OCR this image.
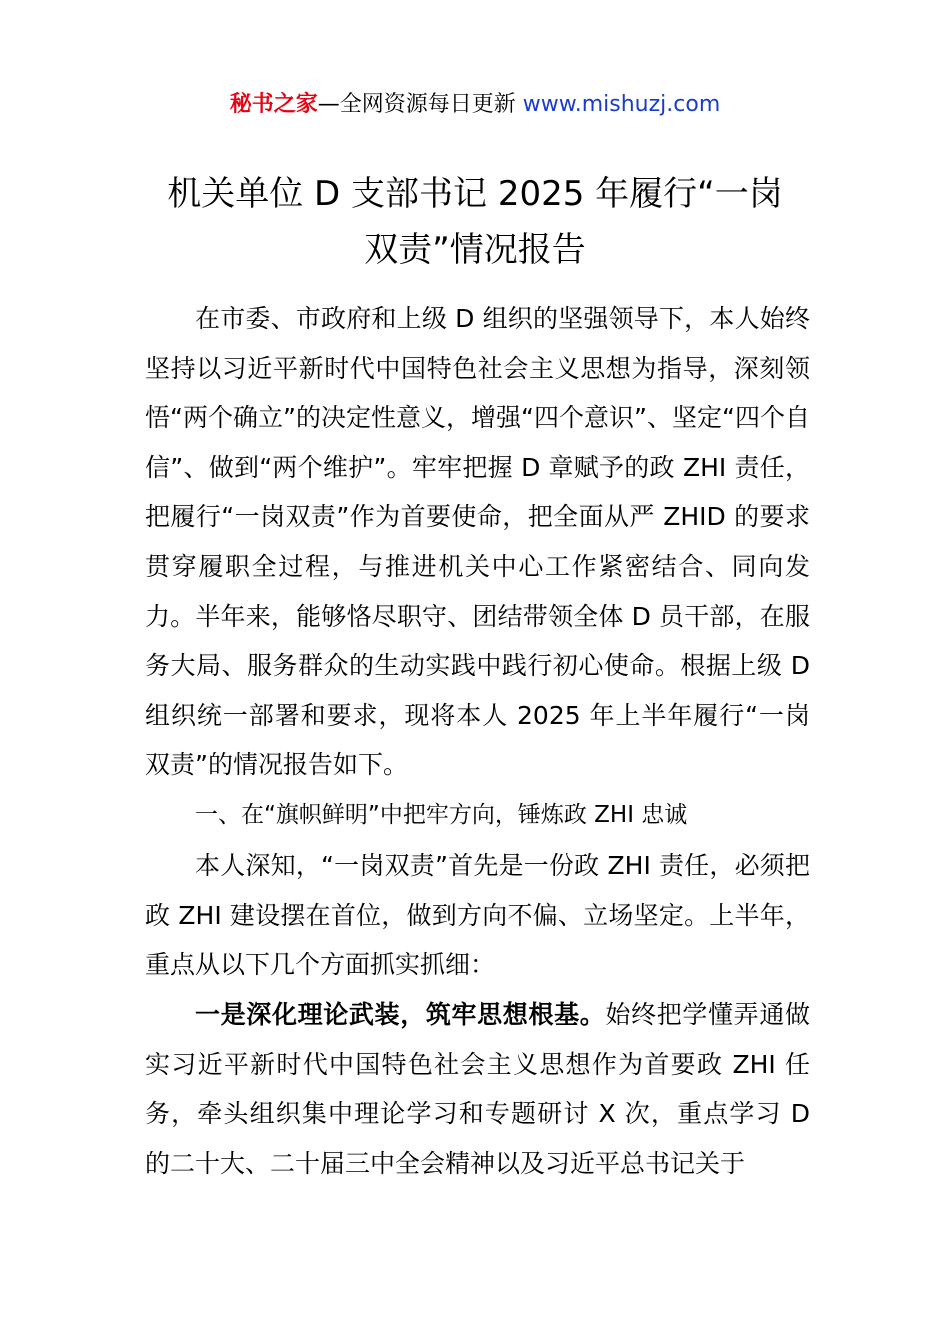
秘书之家—全网资源每日更新 www.mishuzj.com
机关单位 D 支部书记 2025 年履行“一岗
双责”情况报告

在市委、市政府和上级 D 组织的坚强领导下，本人始终坚持以习近平新时代中国特色社会主义思想为指导，深刻领悟“两个确立”的决定性意义，增强“四个意识”、坚定“四个自信”、做到“两个维护”。牢牢把握 D 章赋予的政 ZHI 责任，把履行“一岗双责”作为首要使命，把全面从严 ZHID 的要求贯穿履职全过程，与推进机关中心工作紧密结合、同向发力。半年来，能够恪尽职守、团结带领全体 D 员干部，在服务大局、服务群众的生动实践中践行初心使命。根据上级 D 组织统一部署和要求，现将本人 2025 年上半年履行“一岗双责”的情况报告如下。

一、在“旗帜鲜明”中把牢方向，锤炼政 ZHI 忠诚

本人深知，“一岗双责”首先是一份政 ZHI 责任，必须把政 ZHI 建设摆在首位，做到方向不偏、立场坚定。上半年，重点从以下几个方面抓实抓细：

一是深化理论武装，筑牢思想根基。始终把学懂弄通做实习近平新时代中国特色社会主义思想作为首要政 ZHI 任务，牵头组织集中理论学习和专题研讨 X 次，重点学习 D 的二十大、二十届三中全会精神以及习近平总书记关于
